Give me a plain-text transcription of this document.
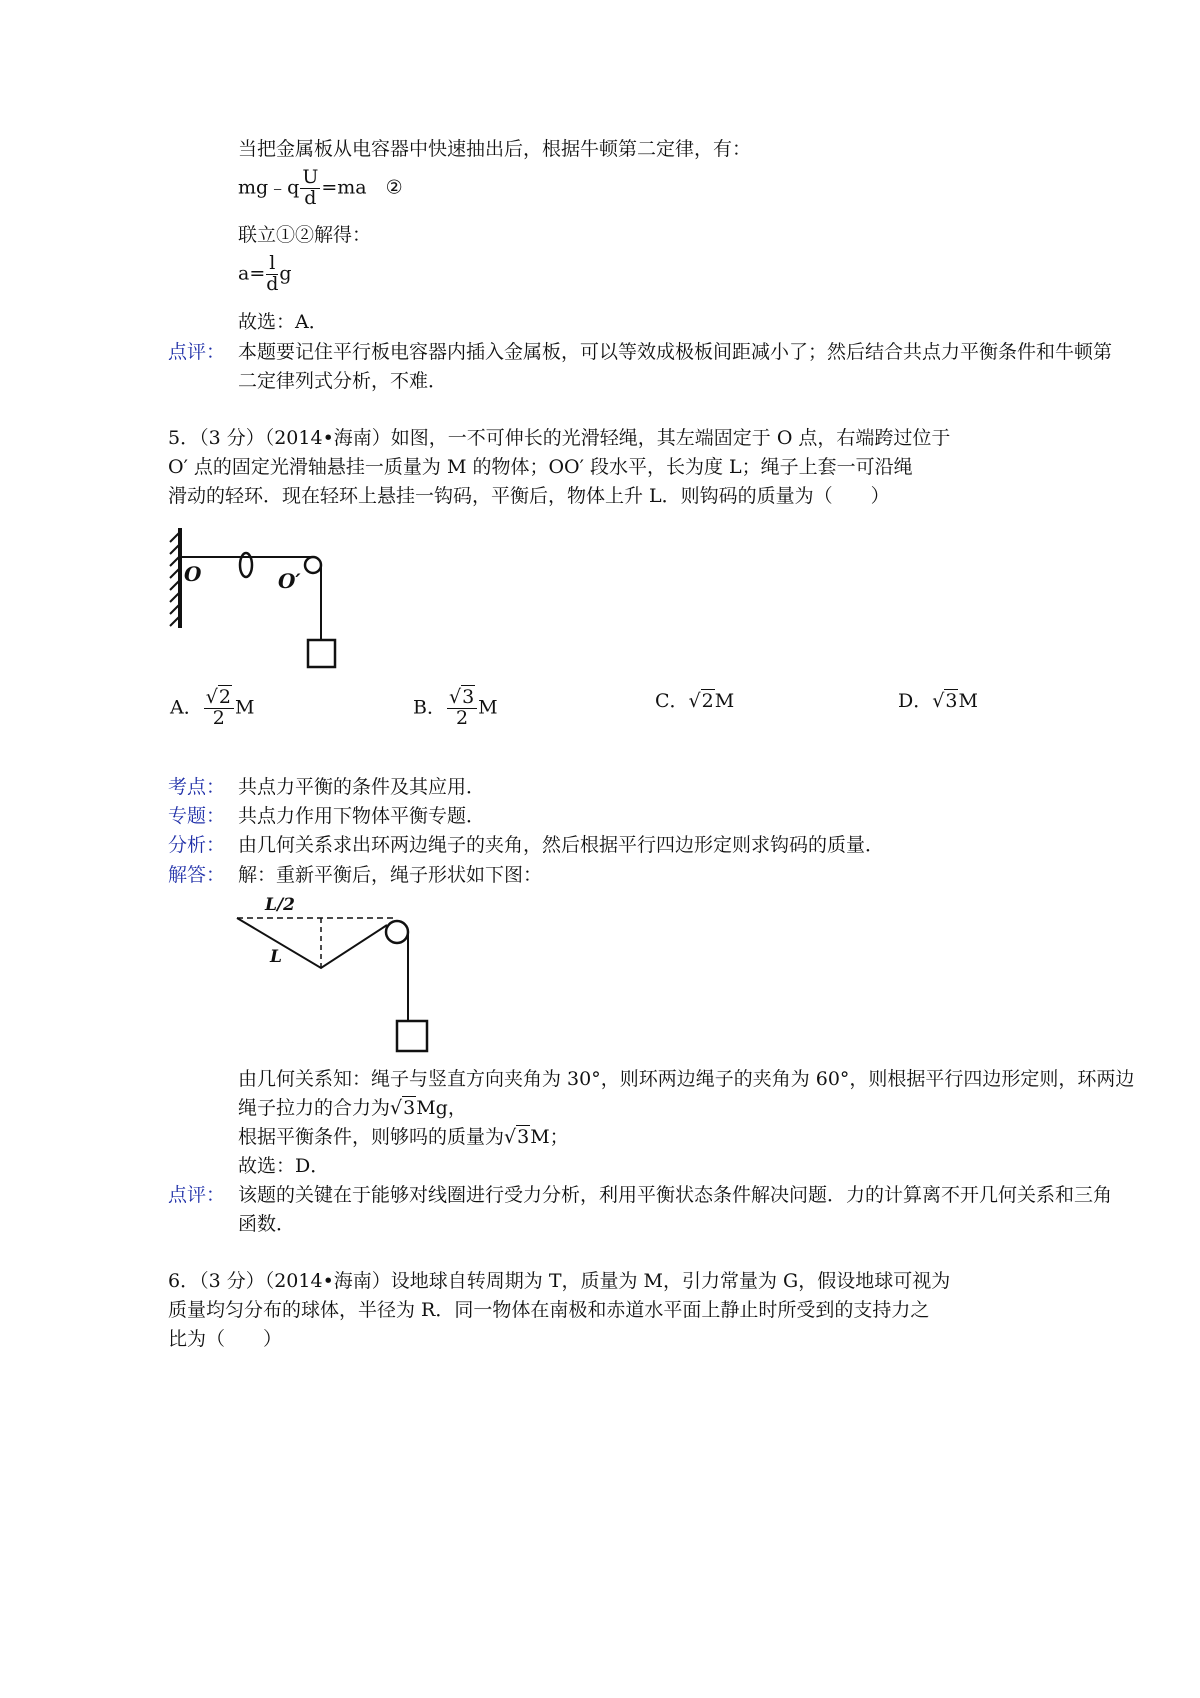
当把金属板从电容器中快速抽出后，根据牛顿第二定律，有：
mg﹣q $\frac{U}{d} =ma$  ②
联立①②解得：
$a= \frac{l}{d}$ g
故选：A．
点评： 本题要记住平行板电容器内插入金属板，可以等效成极板间距减小了；然后结合共点力平衡条件和牛顿第
二定律列式分析，不难．
5．（3 分）（2014•海南）如图，一不可伸长的光滑轻绳，其左端固定于 O 点，右端跨过位于
O′ 点的固定光滑轴悬挂一质量为 M 的物体；OO′ 段水平，长为度 L；绳子上套一可沿绳
滑动的轻环．现在轻环上悬挂一钩码，平衡后，物体上升 L．则钩码的质量为（　　）
O	O′
A． $\frac{√2}{2}$ M	B． $\frac{√3}{2}$ M	C．√2M	D．√3M
考点： 共点力平衡的条件及其应用．
专题： 共点力作用下物体平衡专题．
分析： 由几何关系求出环两边绳子的夹角，然后根据平行四边形定则求钩码的质量．
解答： 解：重新平衡后，绳子形状如下图：
L/2
L
由几何关系知：绳子与竖直方向夹角为 30°，则环两边绳子的夹角为 60°，则根据平行四边形定则，环两边
绳子拉力的合力为√3Mg，
根据平衡条件，则够吗的质量为√3M；
故选：D．
点评： 该题的关键在于能够对线圈进行受力分析，利用平衡状态条件解决问题．力的计算离不开几何关系和三角
函数．
6．（3 分）（2014•海南）设地球自转周期为 T，质量为 M，引力常量为 G，假设地球可视为
质量均匀分布的球体，半径为 R．同一物体在南极和赤道水平面上静止时所受到的支持力之
比为（　　）
